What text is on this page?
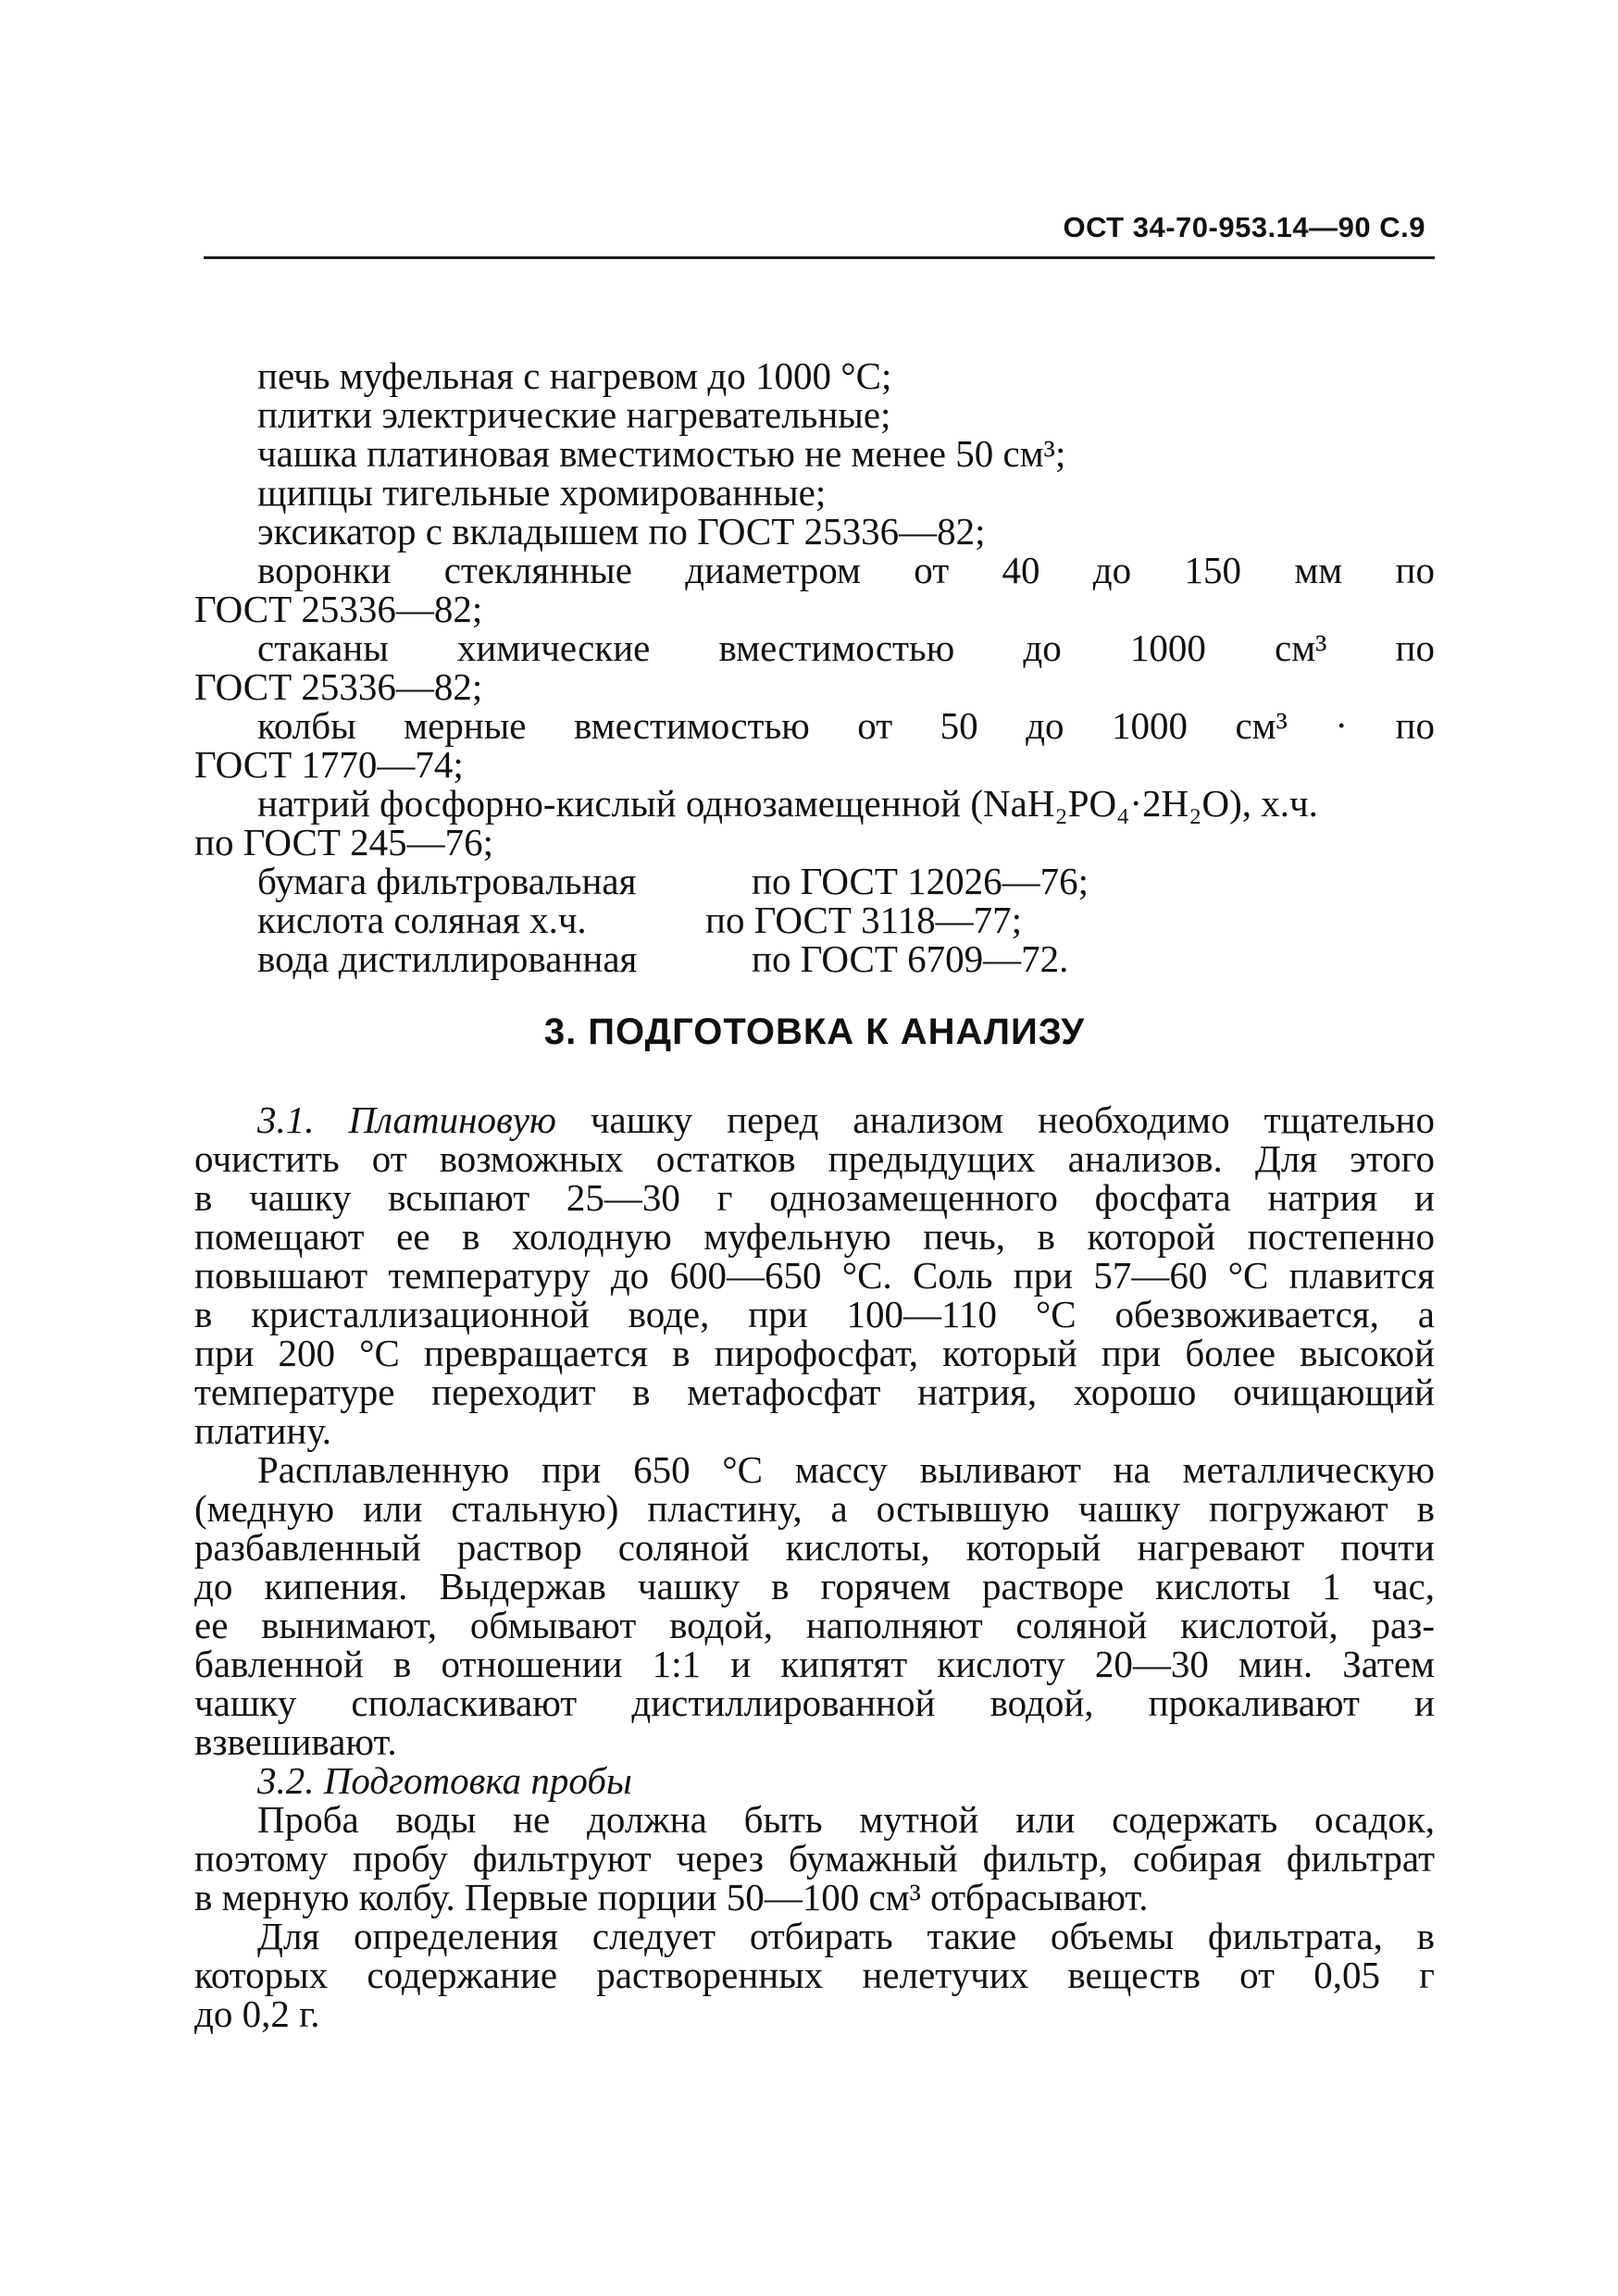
ОСТ 34-70-953.14—90 С.9
печь муфельная с нагревом до 1000 °С;
плитки электрические нагревательные;
чашка платиновая вместимостью не менее 50 см³;
щипцы тигельные хромированные;
эксикатор с вкладышем по ГОСТ 25336—82;
воронки стеклянные диаметром от 40 до 150 мм по
ГОСТ 25336—82;
стаканы химические вместимостью до 1000 см³ по
ГОСТ 25336—82;
колбы мерные вместимостью от 50 до 1000 см³ · по
ГОСТ 1770—74;
натрий фосфорно-кислый однозамещенной (NaH₂PO₄·2H₂O), х.ч.
по ГОСТ 245—76;
бумага фильтровальная	по ГОСТ 12026—76;
кислота соляная х.ч.	по ГОСТ 3118—77;
вода дистиллированная	по ГОСТ 6709—72.
3. ПОДГОТОВКА К АНАЛИЗУ
3.1. Платиновую чашку перед анализом необходимо тщательно
очистить от возможных остатков предыдущих анализов. Для этого
в чашку всыпают 25—30 г однозамещенного фосфата натрия и
помещают ее в холодную муфельную печь, в которой постепенно
повышают температуру до 600—650 °С. Соль при 57—60 °С плавится
в кристаллизационной воде, при 100—110 °С обезвоживается, а
при 200 °С превращается в пирофосфат, который при более высокой
температуре переходит в метафосфат натрия, хорошо очищающий
платину.
Расплавленную при 650 °С массу выливают на металлическую
(медную или стальную) пластину, а остывшую чашку погружают в
разбавленный раствор соляной кислоты, который нагревают почти
до кипения. Выдержав чашку в горячем растворе кислоты 1 час,
ее вынимают, обмывают водой, наполняют соляной кислотой, раз-
бавленной в отношении 1:1 и кипятят кислоту 20—30 мин. Затем
чашку споласкивают дистиллированной водой, прокаливают и
взвешивают.
3.2. Подготовка пробы
Проба воды не должна быть мутной или содержать осадок,
поэтому пробу фильтруют через бумажный фильтр, собирая фильтрат
в мерную колбу. Первые порции 50—100 см³ отбрасывают.
Для определения следует отбирать такие объемы фильтрата, в
которых содержание растворенных нелетучих веществ от 0,05 г
до 0,2 г.
